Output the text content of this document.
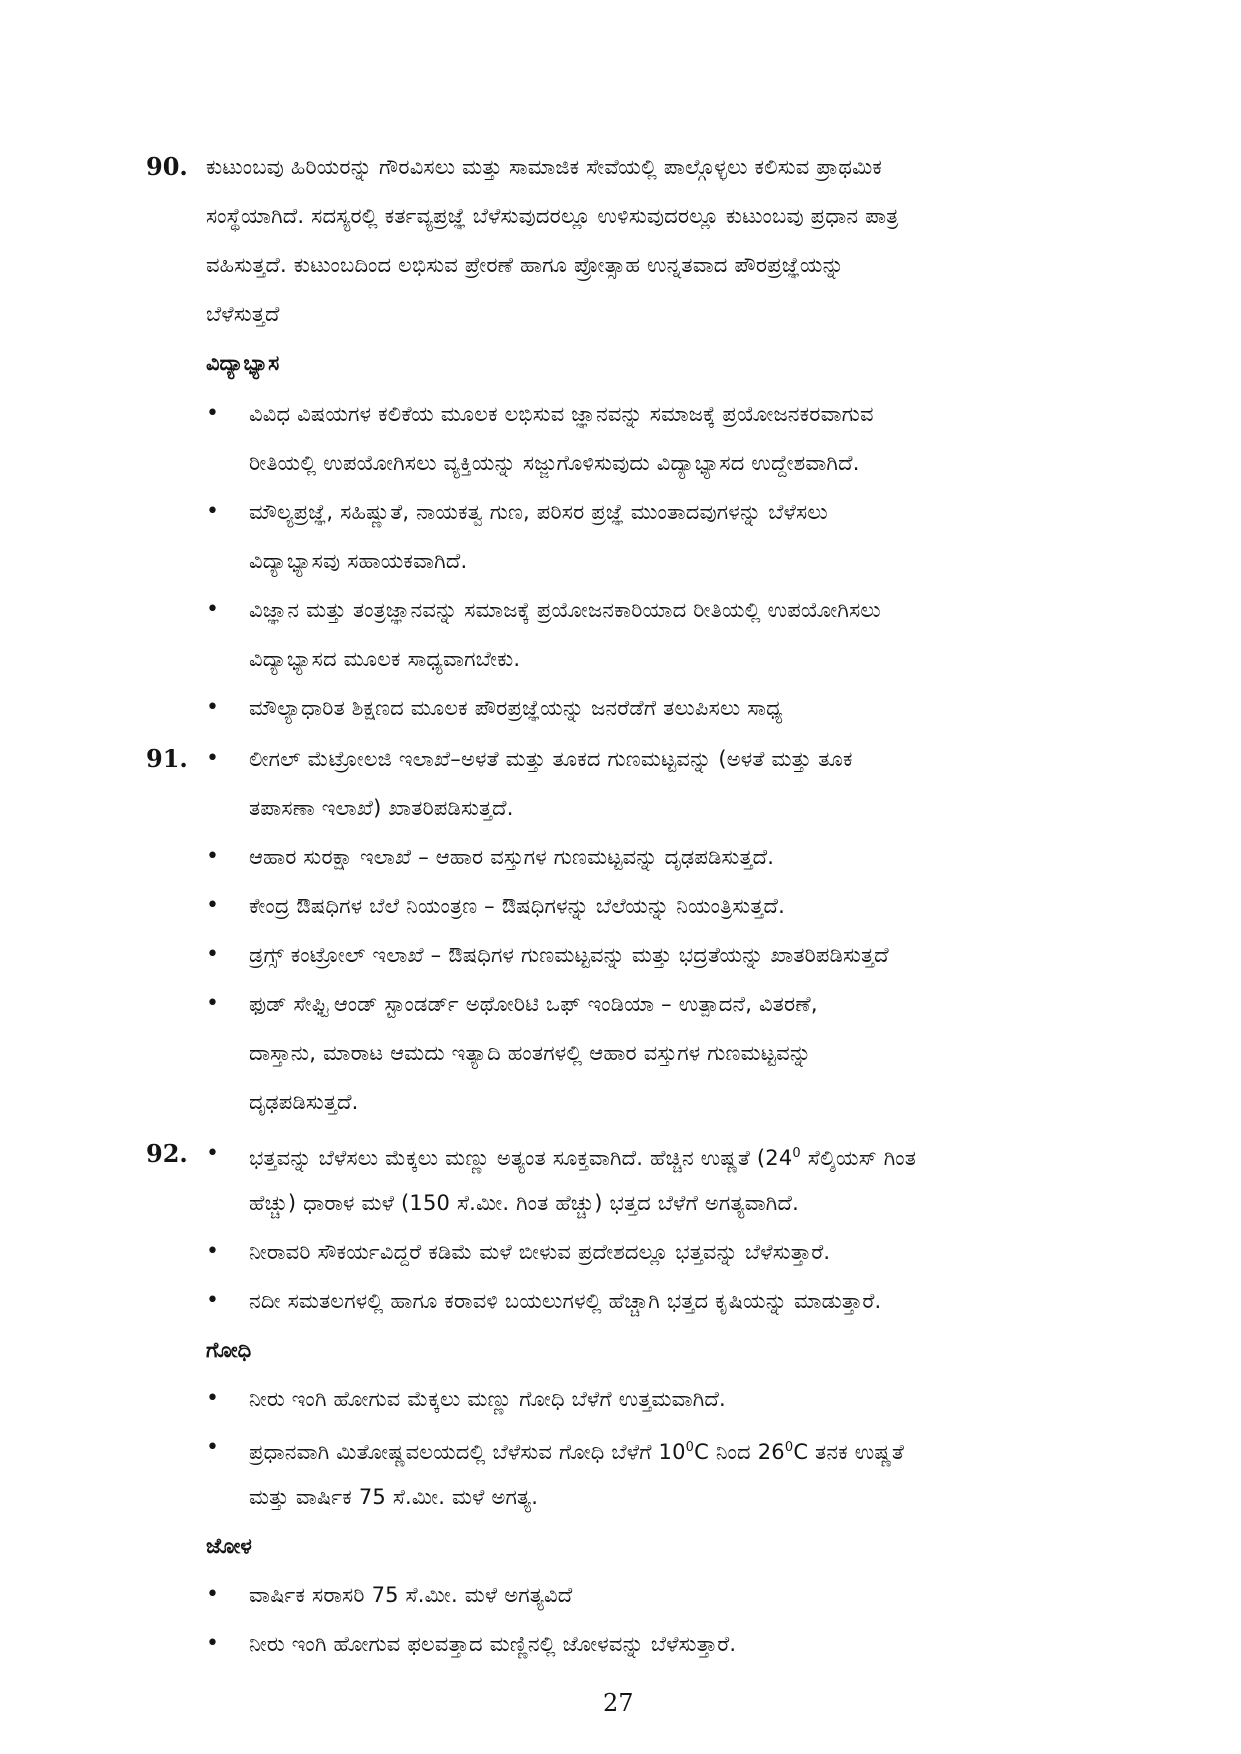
90. ಕುಟುಂಬವು ಹಿರಿಯರನ್ನು ಗೌರವಿಸಲು ಮತ್ತು ಸಾಮಾಜಿಕ ಸೇವೆಯಲ್ಲಿ ಪಾಲ್ಗೊಳ್ಳಲು ಕಲಿಸುವ ಪ್ರಾಥಮಿಕ
ಸಂಸ್ಥೆಯಾಗಿದೆ. ಸದಸ್ಯರಲ್ಲಿ ಕರ್ತವ್ಯಪ್ರಜ್ಞೆ ಬೆಳೆಸುವುದರಲ್ಲೂ ಉಳಿಸುವುದರಲ್ಲೂ ಕುಟುಂಬವು ಪ್ರಧಾನ ಪಾತ್ರ
ವಹಿಸುತ್ತದೆ. ಕುಟುಂಬದಿಂದ ಲಭಿಸುವ ಪ್ರೇರಣೆ ಹಾಗೂ ಪ್ರೋತ್ಸಾಹ ಉನ್ನತವಾದ ಪೌರಪ್ರಜ್ಞೆಯನ್ನು
ಬೆಳೆಸುತ್ತದೆ
ವಿದ್ಯಾಭ್ಯಾಸ
• ವಿವಿಧ ವಿಷಯಗಳ ಕಲಿಕೆಯ ಮೂಲಕ ಲಭಿಸುವ ಜ್ಞಾನವನ್ನು ಸಮಾಜಕ್ಕೆ ಪ್ರಯೋಜನಕರವಾಗುವ
ರೀತಿಯಲ್ಲಿ ಉಪಯೋಗಿಸಲು ವ್ಯಕ್ತಿಯನ್ನು ಸಜ್ಜುಗೊಳಿಸುವುದು ವಿದ್ಯಾಭ್ಯಾಸದ ಉದ್ದೇಶವಾಗಿದೆ.
• ಮೌಲ್ಯಪ್ರಜ್ಞೆ, ಸಹಿಷ್ಣುತೆ, ನಾಯಕತ್ವ ಗುಣ, ಪರಿಸರ ಪ್ರಜ್ಞೆ ಮುಂತಾದವುಗಳನ್ನು ಬೆಳೆಸಲು
ವಿದ್ಯಾಭ್ಯಾಸವು ಸಹಾಯಕವಾಗಿದೆ.
• ವಿಜ್ಞಾನ ಮತ್ತು ತಂತ್ರಜ್ಞಾನವನ್ನು ಸಮಾಜಕ್ಕೆ ಪ್ರಯೋಜನಕಾರಿಯಾದ ರೀತಿಯಲ್ಲಿ ಉಪಯೋಗಿಸಲು
ವಿದ್ಯಾಭ್ಯಾಸದ ಮೂಲಕ ಸಾಧ್ಯವಾಗಬೇಕು.
• ಮೌಲ್ಯಾಧಾರಿತ ಶಿಕ್ಷಣದ ಮೂಲಕ ಪೌರಪ್ರಜ್ಞೆಯನ್ನು ಜನರೆಡೆಗೆ ತಲುಪಿಸಲು ಸಾಧ್ಯ
91. • ಲೀಗಲ್ ಮೆಟ್ರೋಲಜಿ ಇಲಾಖೆ–ಅಳತೆ ಮತ್ತು ತೂಕದ ಗುಣಮಟ್ಟವನ್ನು (ಅಳತೆ ಮತ್ತು ತೂಕ
ತಪಾಸಣಾ ಇಲಾಖೆ) ಖಾತರಿಪಡಿಸುತ್ತದೆ.
• ಆಹಾರ ಸುರಕ್ಷಾ ಇಲಾಖೆ – ಆಹಾರ ವಸ್ತುಗಳ ಗುಣಮಟ್ಟವನ್ನು ದೃಢಪಡಿಸುತ್ತದೆ.
• ಕೇಂದ್ರ ಔಷಧಿಗಳ ಬೆಲೆ ನಿಯಂತ್ರಣ – ಔಷಧಿಗಳನ್ನು ಬೆಲೆಯನ್ನು ನಿಯಂತ್ರಿಸುತ್ತದೆ.
• ಡ್ರಗ್ಸ್ ಕಂಟ್ರೋಲ್ ಇಲಾಖೆ – ಔಷಧಿಗಳ ಗುಣಮಟ್ಟವನ್ನು ಮತ್ತು ಭದ್ರತೆಯನ್ನು ಖಾತರಿಪಡಿಸುತ್ತದೆ
• ಫುಡ್ ಸೇಫ್ಟಿ ಆಂಡ್ ಸ್ಟಾಂಡರ್ಡ್ ಅಥೋರಿಟಿ ಒಫ್ ಇಂಡಿಯಾ – ಉತ್ಪಾದನೆ, ವಿತರಣೆ,
ದಾಸ್ತಾನು, ಮಾರಾಟ ಆಮದು ಇತ್ಯಾದಿ ಹಂತಗಳಲ್ಲಿ ಆಹಾರ ವಸ್ತುಗಳ ಗುಣಮಟ್ಟವನ್ನು
ದೃಢಪಡಿಸುತ್ತದೆ.
92. • ಭತ್ತವನ್ನು ಬೆಳೆಸಲು ಮೆಕ್ಕಲು ಮಣ್ಣು ಅತ್ಯಂತ ಸೂಕ್ತವಾಗಿದೆ. ಹೆಚ್ಚಿನ ಉಷ್ಣತೆ ($24^0$ ಸೆಲ್ಶಿಯಸ್ ಗಿಂತ
ಹೆಚ್ಚು) ಧಾರಾಳ ಮಳೆ (150 ಸೆ.ಮೀ. ಗಿಂತ ಹೆಚ್ಚು) ಭತ್ತದ ಬೆಳೆಗೆ ಅಗತ್ಯವಾಗಿದೆ.
• ನೀರಾವರಿ ಸೌಕರ್ಯವಿದ್ದರೆ ಕಡಿಮೆ ಮಳೆ ಬೀಳುವ ಪ್ರದೇಶದಲ್ಲೂ ಭತ್ತವನ್ನು ಬೆಳೆಸುತ್ತಾರೆ.
• ನದೀ ಸಮತಲಗಳಲ್ಲಿ ಹಾಗೂ ಕರಾವಳಿ ಬಯಲುಗಳಲ್ಲಿ ಹೆಚ್ಚಾಗಿ ಭತ್ತದ ಕೃಷಿಯನ್ನು ಮಾಡುತ್ತಾರೆ.
ಗೋಧಿ
• ನೀರು ಇಂಗಿ ಹೋಗುವ ಮೆಕ್ಕಲು ಮಣ್ಣು ಗೋಧಿ ಬೆಳೆಗೆ ಉತ್ತಮವಾಗಿದೆ.
• ಪ್ರಧಾನವಾಗಿ ಮಿತೋಷ್ಣವಲಯದಲ್ಲಿ ಬೆಳೆಸುವ ಗೋಧಿ ಬೆಳೆಗೆ $10^0C$ ನಿಂದ $26^0C$ ತನಕ ಉಷ್ಣತೆ
ಮತ್ತು ವಾರ್ಷಿಕ 75 ಸೆ.ಮೀ. ಮಳೆ ಅಗತ್ಯ.
ಜೋಳ
• ವಾರ್ಷಿಕ ಸರಾಸರಿ 75 ಸೆ.ಮೀ. ಮಳೆ ಅಗತ್ಯವಿದೆ
• ನೀರು ಇಂಗಿ ಹೋಗುವ ಫಲವತ್ತಾದ ಮಣ್ಣಿನಲ್ಲಿ ಜೋಳವನ್ನು ಬೆಳೆಸುತ್ತಾರೆ.
27
